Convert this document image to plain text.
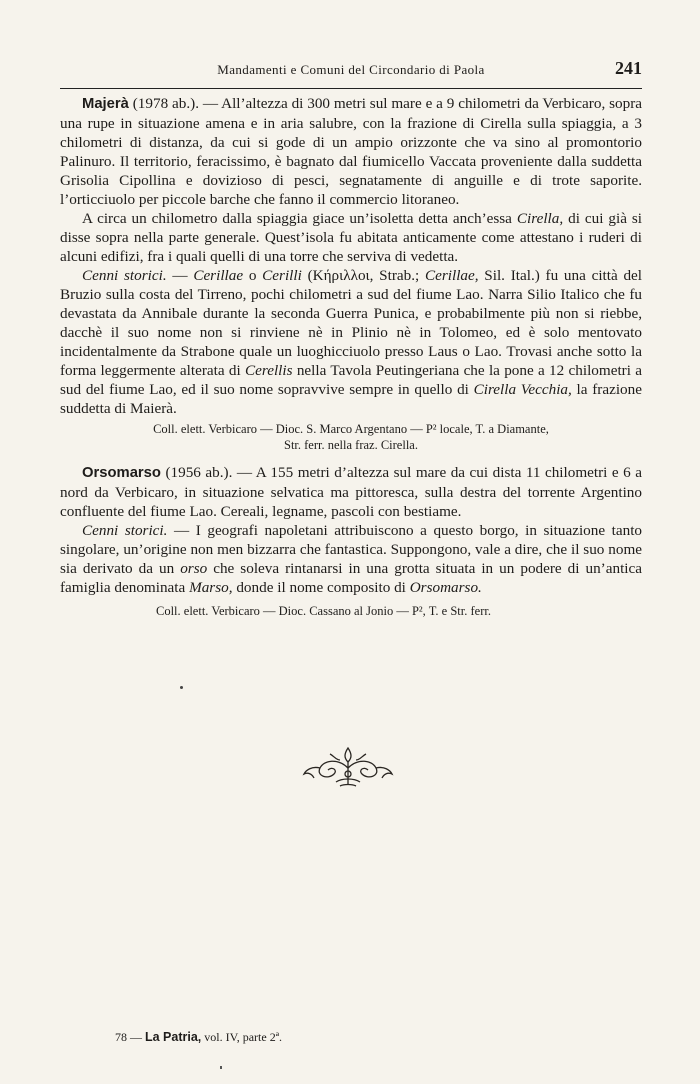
Mandamenti e Comuni del Circondario di Paola	241

Majerà (1978 ab.). — All’altezza di 300 metri sul mare e a 9 chilometri da Verbicaro, sopra una rupe in situazione amena e in aria salubre, con la frazione di Cirella sulla spiaggia, a 3 chilometri di distanza, da cui si gode di un ampio orizzonte che va sino al promontorio Palinuro. Il territorio, feracissimo, è bagnato dal fiumicello Vaccata proveniente dalla suddetta Grisolia Cipollina e dovizioso di pesci, segnatamente di anguille e di trote saporite. l’orticciuolo per piccole barche che fanno il commercio litoraneo.

A circa un chilometro dalla spiaggia giace un’isoletta detta anch’essa Cirella, di cui già si disse sopra nella parte generale. Quest’isola fu abitata anticamente come attestano i ruderi di alcuni edifizi, fra i quali quelli di una torre che serviva di vedetta.

Cenni storici. — Cerillae o Cerilli (Κήριλλοι, Strab.; Cerillae, Sil. Ital.) fu una città del Bruzio sulla costa del Tirreno, pochi chilometri a sud del fiume Lao. Narra Silio Italico che fu devastata da Annibale durante la seconda Guerra Punica, e probabilmente più non si riebbe, dacchè il suo nome non si rinviene nè in Plinio nè in Tolomeo, ed è solo mentovato incidentalmente da Strabone quale un luoghicciuolo presso Laus o Lao. Trovasi anche sotto la forma leggermente alterata di Cerellis nella Tavola Peutingeriana che la pone a 12 chilometri a sud del fiume Lao, ed il suo nome sopravvive sempre in quello di Cirella Vecchia, la frazione suddetta di Maierà.

Coll. elett. Verbicaro — Dioc. S. Marco Argentano — P² locale, T. a Diamante,
Str. ferr. nella fraz. Cirella.

Orsomarso (1956 ab.). — A 155 metri d’altezza sul mare da cui dista 11 chilometri e 6 a nord da Verbicaro, in situazione selvatica ma pittoresca, sulla destra del torrente Argentino confluente del fiume Lao. Cereali, legname, pascoli con bestiame.

Cenni storici. — I geografi napoletani attribuiscono a questo borgo, in situazione tanto singolare, un’origine non men bizzarra che fantastica. Suppongono, vale a dire, che il suo nome sia derivato da un orso che soleva rintanarsi in una grotta situata in un podere di un’antica famiglia denominata Marso, donde il nome composito di Orsomarso.

Coll. elett. Verbicaro — Dioc. Cassano al Jonio — P², T. e Str. ferr.
78 — La Patria, vol. IV, parte 2ª.
